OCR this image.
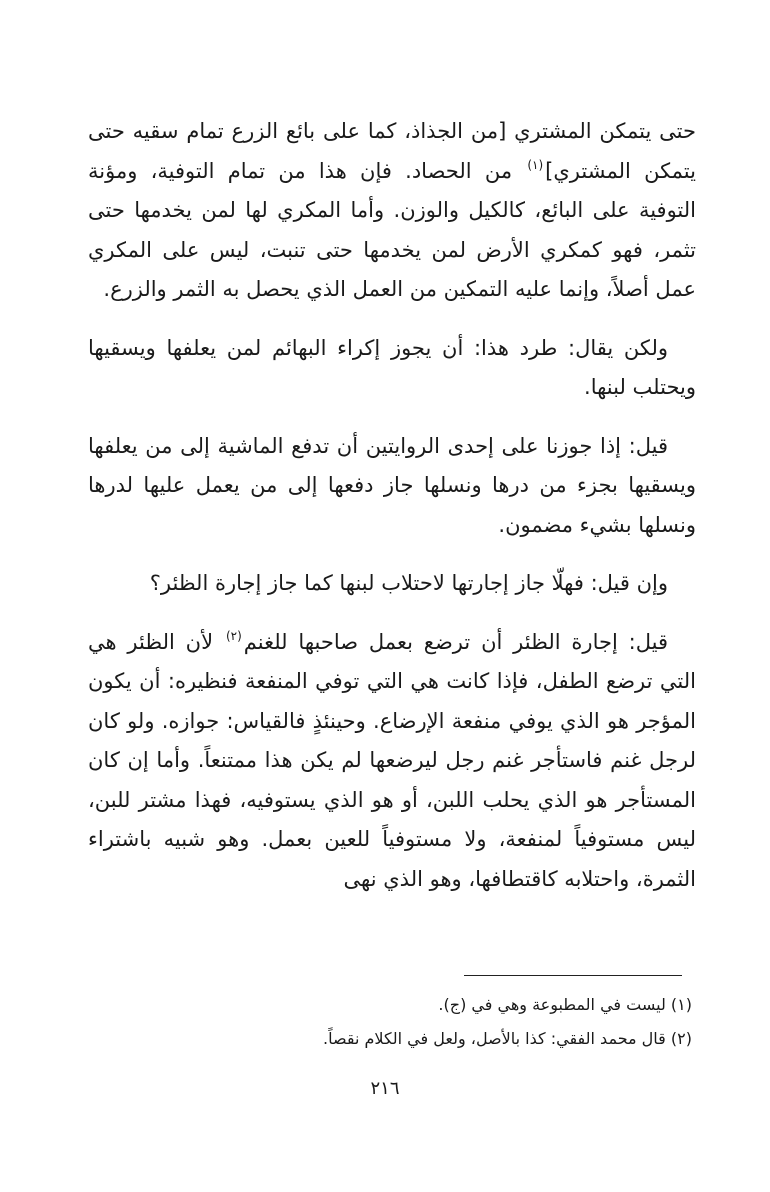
حتى يتمكن المشتري [من الجذاذ، كما على بائع الزرع تمام سقيه حتى يتمكن المشتري]$^{(١)}$ من الحصاد. فإن هذا من تمام التوفية، ومؤنة التوفية على البائع، كالكيل والوزن. وأما المكري لها لمن يخدمها حتى تثمر، فهو كمكري الأرض لمن يخدمها حتى تنبت، ليس على المكري عمل أصلاً، وإنما عليه التمكين من العمل الذي يحصل به الثمر والزرع.

ولكن يقال: طرد هذا: أن يجوز إكراء البهائم لمن يعلفها ويسقيها ويحتلب لبنها.

قيل: إذا جوزنا على إحدى الروايتين أن تدفع الماشية إلى من يعلفها ويسقيها بجزء من درها ونسلها جاز دفعها إلى من يعمل عليها لدرها ونسلها بشيء مضمون.

وإن قيل: فهلّا جاز إجارتها لاحتلاب لبنها كما جاز إجارة الظئر؟

قيل: إجارة الظئر أن ترضع بعمل صاحبها للغنم$^{(٢)}$ لأن الظئر هي التي ترضع الطفل، فإذا كانت هي التي توفي المنفعة فنظيره: أن يكون المؤجر هو الذي يوفي منفعة الإرضاع. وحينئذٍ فالقياس: جوازه. ولو كان لرجل غنم فاستأجر غنم رجل ليرضعها لم يكن هذا ممتنعاً. وأما إن كان المستأجر هو الذي يحلب اللبن، أو هو الذي يستوفيه، فهذا مشتر للبن، ليس مستوفياً لمنفعة، ولا مستوفياً للعين بعمل. وهو شبيه باشتراء الثمرة، واحتلابه كاقتطافها، وهو الذي نهى

(١) ليست في المطبوعة وهي في (ج).

(٢) قال محمد الفقي: كذا بالأصل، ولعل في الكلام نقصاً.

٢١٦
